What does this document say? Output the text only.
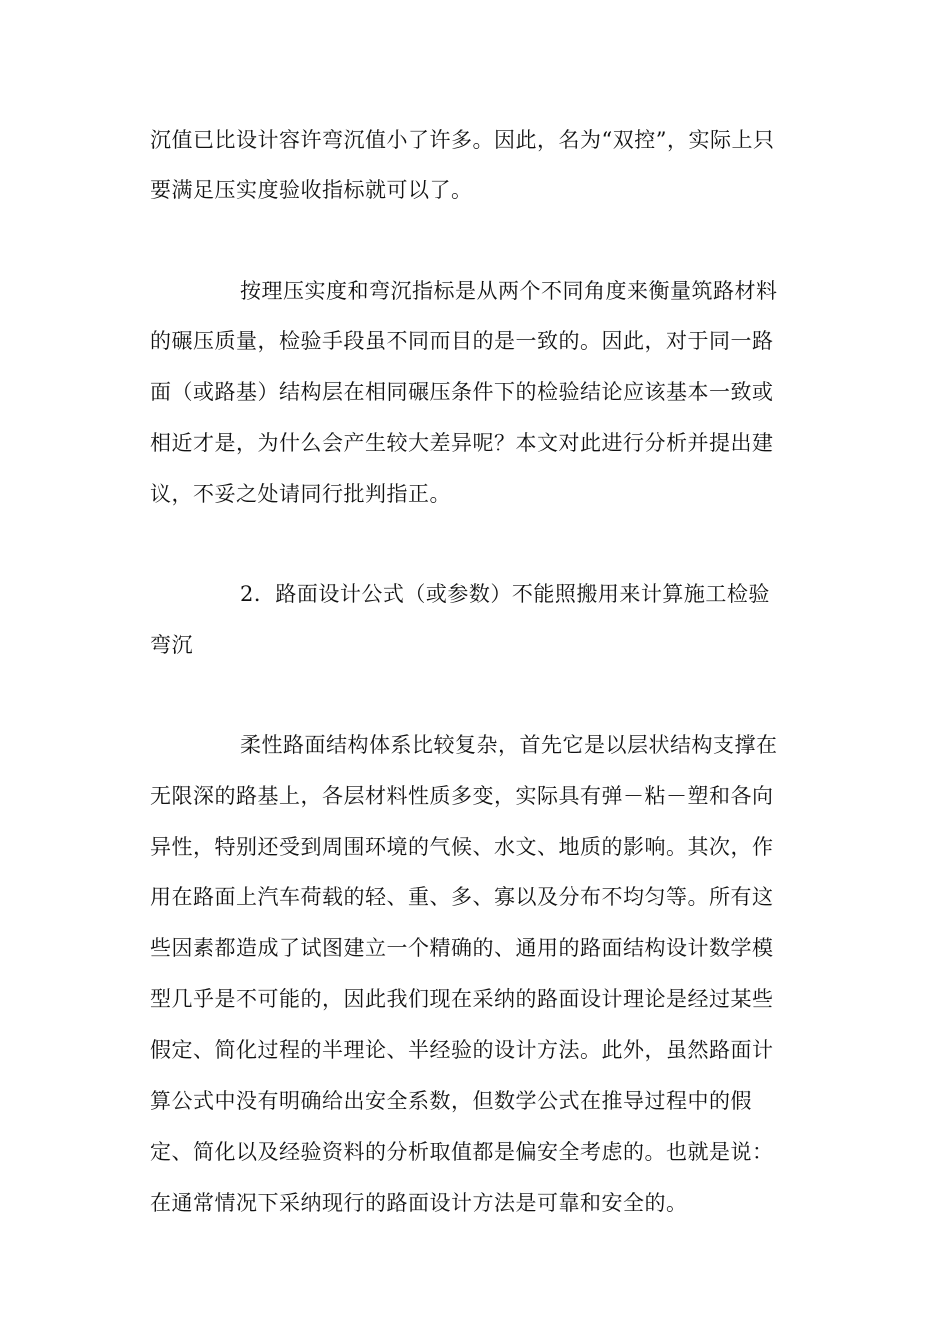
沉值已比设计容许弯沉值小了许多。因此，名为“双控”，实际上只
要满足压实度验收指标就可以了。
按理压实度和弯沉指标是从两个不同角度来衡量筑路材料
的碾压质量，检验手段虽不同而目的是一致的。因此，对于同一路
面（或路基）结构层在相同碾压条件下的检验结论应该基本一致或
相近才是，为什么会产生较大差异呢？本文对此进行分析并提出建
议，不妥之处请同行批判指正。
2．路面设计公式（或参数）不能照搬用来计算施工检验
弯沉
柔性路面结构体系比较复杂，首先它是以层状结构支撑在
无限深的路基上，各层材料性质多变，实际具有弹－粘－塑和各向
异性，特别还受到周围环境的气候、水文、地质的影响。其次，作
用在路面上汽车荷载的轻、重、多、寡以及分布不均匀等。所有这
些因素都造成了试图建立一个精确的、通用的路面结构设计数学模
型几乎是不可能的，因此我们现在采纳的路面设计理论是经过某些
假定、简化过程的半理论、半经验的设计方法。此外，虽然路面计
算公式中没有明确给出安全系数，但数学公式在推导过程中的假
定、简化以及经验资料的分析取值都是偏安全考虑的。也就是说：
在通常情况下采纳现行的路面设计方法是可靠和安全的。
